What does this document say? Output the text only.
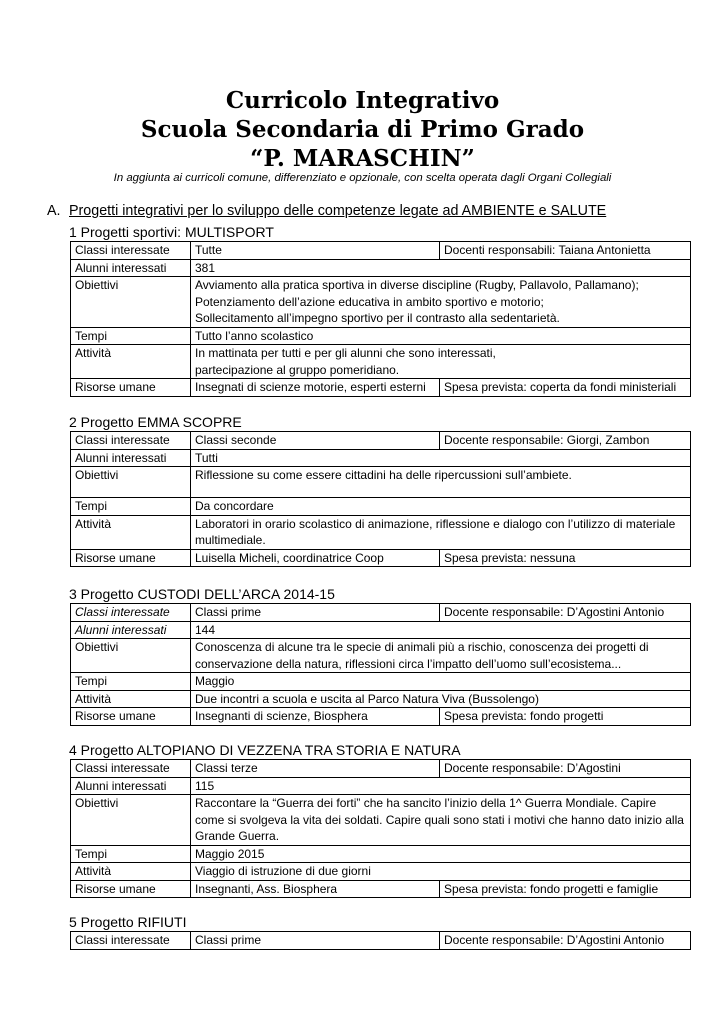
Curricolo Integrativo
Scuola Secondaria di Primo Grado
“P. MARASCHIN”
In aggiunta ai curricoli comune, differenziato e opzionale, con scelta operata dagli Organi Collegiali
A. Progetti integrativi per lo sviluppo delle competenze legate ad AMBIENTE e SALUTE
1 Progetti sportivi: MULTISPORT
Classi interessate	Tutte	Docenti responsabili: Taiana Antonietta
Alunni interessati	381	
Obiettivi	Avviamento alla pratica sportiva in diverse discipline (Rugby, Pallavolo, Pallamano);
Potenziamento dell’azione educativa in ambito sportivo e motorio;
Sollecitamento all’impegno sportivo per il contrasto alla sedentarietà.	

Tempi	Tutto l’anno scolastico	
Attività	In mattinata per tutti e per gli alunni che sono interessati, partecipazione al gruppo pomeridiano.	
Risorse umane	Insegnati di scienze motorie, esperti esterni	Spesa prevista: coperta da fondi ministeriali
2 Progetto EMMA SCOPRE
Classi interessate	Classi seconde	Docente responsabile: Giorgi, Zambon
Alunni interessati	Tutti	
Obiettivi	Riflessione su come essere cittadini ha delle ripercussioni sull’ambiete.	
Tempi	Da concordare	
Attività	Laboratori in orario scolastico di animazione, riflessione e dialogo con l’utilizzo di materiale multimediale.	
Risorse umane	Luisella Micheli, coordinatrice Coop	Spesa prevista: nessuna
3 Progetto CUSTODI DELL’ARCA 2014-15
Classi interessate	Classi prime	Docente responsabile: D’Agostini Antonio
Alunni interessati	144	
Obiettivi	Conoscenza di alcune tra le specie di animali più a rischio, conoscenza dei progetti di conservazione della natura, riflessioni circa l’impatto dell’uomo sull’ecosistema...	
Tempi	Maggio	
Attività	Due incontri a scuola e uscita al Parco Natura Viva (Bussolengo)	
Risorse umane	Insegnanti di scienze, Biosphera	Spesa prevista: fondo progetti
4 Progetto ALTOPIANO DI VEZZENA TRA STORIA E NATURA
Classi interessate	Classi terze	Docente responsabile: D’Agostini
Alunni interessati	115	
Obiettivi	Raccontare la “Guerra dei forti” che ha sancito l’inizio della 1^ Guerra Mondiale. Capire come si svolgeva la vita dei soldati. Capire quali sono stati i motivi che hanno dato inizio alla Grande Guerra.	
Tempi	Maggio 2015	
Attività	Viaggio di istruzione di due giorni	
Risorse umane	Insegnanti, Ass. Biosphera	Spesa prevista: fondo progetti e famiglie
5 Progetto RIFIUTI
Classi interessate	Classi prime	Docente responsabile: D’Agostini Antonio
